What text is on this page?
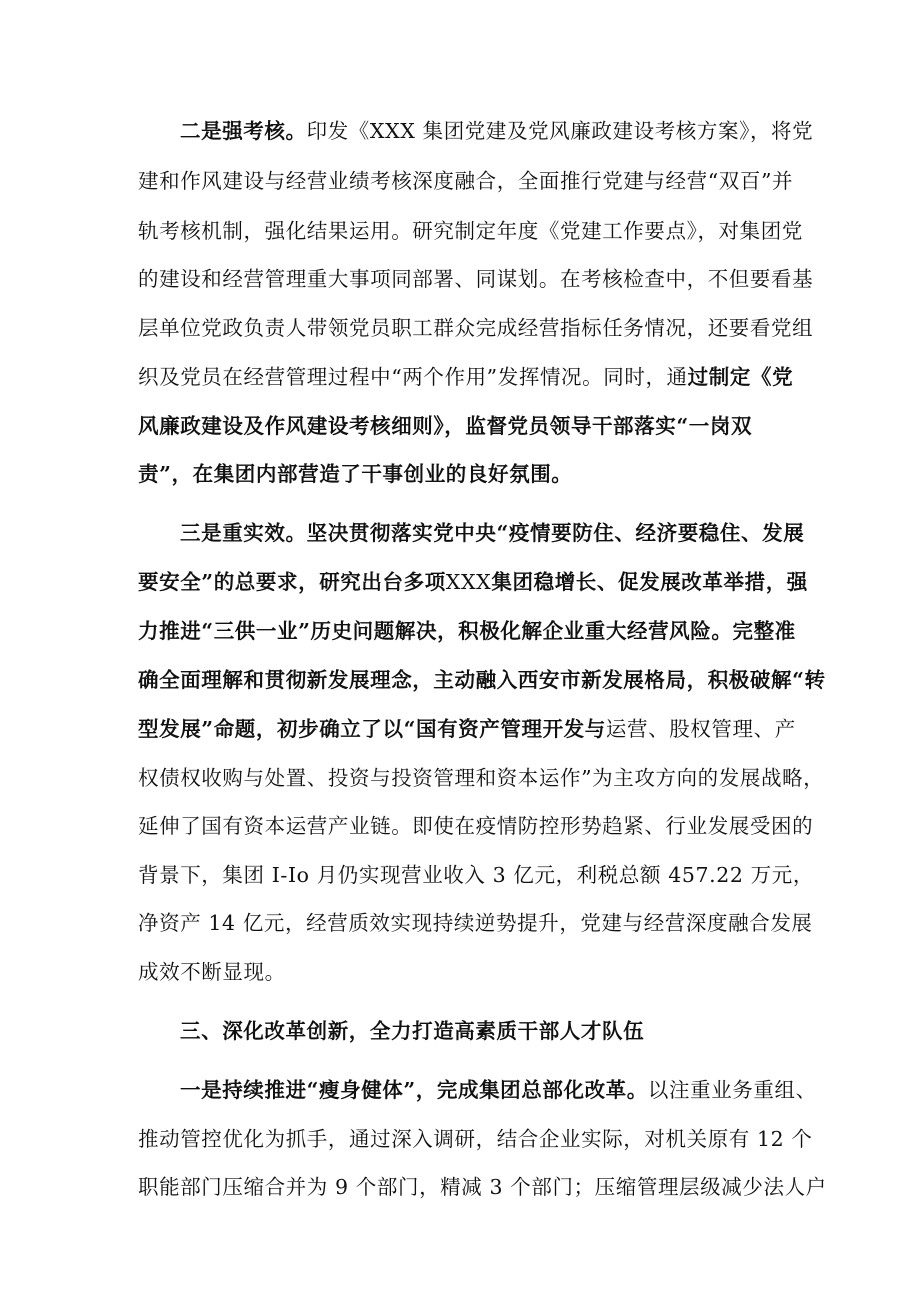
二是强考核。印发《XXX 集团党建及党风廉政建设考核方案》，将党
建和作风建设与经营业绩考核深度融合，全面推行党建与经营“双百”并
轨考核机制，强化结果运用。研究制定年度《党建工作要点》，对集团党
的建设和经营管理重大事项同部署、同谋划。在考核检查中，不但要看基
层单位党政负责人带领党员职工群众完成经营指标任务情况，还要看党组
织及党员在经营管理过程中“两个作用”发挥情况。同时，通过制定《党
风廉政建设及作风建设考核细则》，监督党员领导干部落实“一岗双
责”，在集团内部营造了干事创业的良好氛围。
三是重实效。坚决贯彻落实党中央“疫情要防住、经济要稳住、发展
要安全”的总要求，研究出台多项XXX集团稳增长、促发展改革举措，强
力推进“三供一业”历史问题解决，积极化解企业重大经营风险。完整准
确全面理解和贯彻新发展理念，主动融入西安市新发展格局，积极破解“转
型发展”命题，初步确立了以“国有资产管理开发与运营、股权管理、产
权债权收购与处置、投资与投资管理和资本运作”为主攻方向的发展战略，
延伸了国有资本运营产业链。即使在疫情防控形势趋紧、行业发展受困的
背景下，集团 I-Io 月仍实现营业收入 3 亿元，利税总额 457.22 万元，
净资产 14 亿元，经营质效实现持续逆势提升，党建与经营深度融合发展
成效不断显现。
三、深化改革创新，全力打造高素质干部人才队伍
一是持续推进“瘦身健体”，完成集团总部化改革。以注重业务重组、
推动管控优化为抓手，通过深入调研，结合企业实际，对机关原有 12 个
职能部门压缩合并为 9 个部门，精减 3 个部门；压缩管理层级减少法人户
